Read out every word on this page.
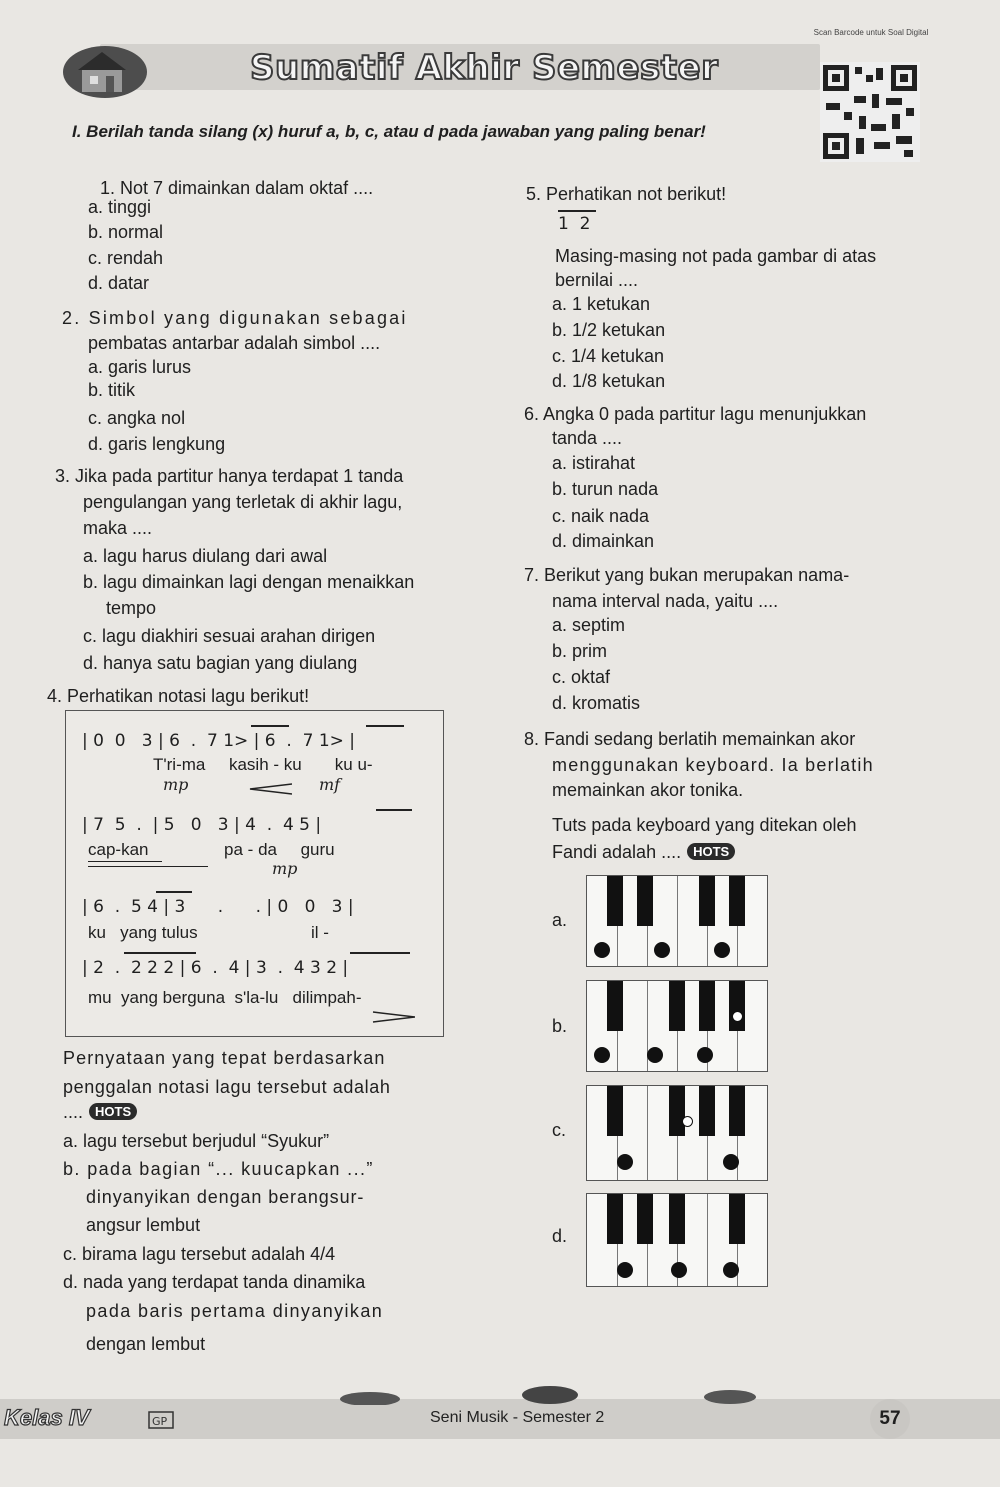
Sumatif Akhir Semester
Scan Barcode untuk Soal Digital
I. Berilah tanda silang (x) huruf a, b, c, atau d pada jawaban yang paling benar!
1. Not 7 dimainkan dalam oktaf ....
a. tinggi
b. normal
c. rendah
d. datar
2. Simbol yang digunakan sebagai
pembatas antarbar adalah simbol ....
a. garis lurus
b. titik
c. angka nol
d. garis lengkung
3. Jika pada partitur hanya terdapat 1 tanda
pengulangan yang terletak di akhir lagu,
maka ....
a. lagu harus diulang dari awal
b. lagu dimainkan lagi dengan menaikkan
tempo
c. lagu diakhiri sesuai arahan dirigen
d. hanya satu bagian yang diulang
4. Perhatikan notasi lagu berikut!
| 0  0   3 | 6  .  7 1> | 6  .  7 1> |
T'ri-ma     kasih - ku       ku u-
mp	mf
| 7  5  .  | 5   0   3 | 4  .  4 5 |
cap-kan                pa - da     guru
mp
| 6  .  5 4 | 3      .      . | 0   0   3 |
ku   yang tulus                        il -
| 2  .  2 2 2 | 6  .  4 | 3  .  4 3 2 |
mu  yang berguna  s'la-lu   dilimpah-
Pernyataan yang tepat berdasarkan
penggalan notasi lagu tersebut adalah
.... HOTS
a. lagu tersebut berjudul “Syukur”
b. pada bagian “... kuucapkan ...”
dinyanyikan dengan berangsur-
angsur lembut
c. birama lagu tersebut adalah 4/4
d. nada yang terdapat tanda dinamika
pada baris pertama dinyanyikan
dengan lembut
5. Perhatikan not berikut!
1  2
Masing-masing not pada gambar di atas
bernilai ....
a. 1 ketukan
b. 1/2 ketukan
c. 1/4 ketukan
d. 1/8 ketukan
6. Angka 0 pada partitur lagu menunjukkan
tanda ....
a. istirahat
b. turun nada
c. naik nada
d. dimainkan
7. Berikut yang bukan merupakan nama-
nama interval nada, yaitu ....
a. septim
b. prim
c. oktaf
d. kromatis
8. Fandi sedang berlatih memainkan akor
menggunakan keyboard. Ia berlatih
memainkan akor tonika.
Tuts pada keyboard yang ditekan oleh
Fandi adalah .... HOTS
a.
b.
c.
d.
Kelas IV	GP	Seni Musik - Semester 2	57
